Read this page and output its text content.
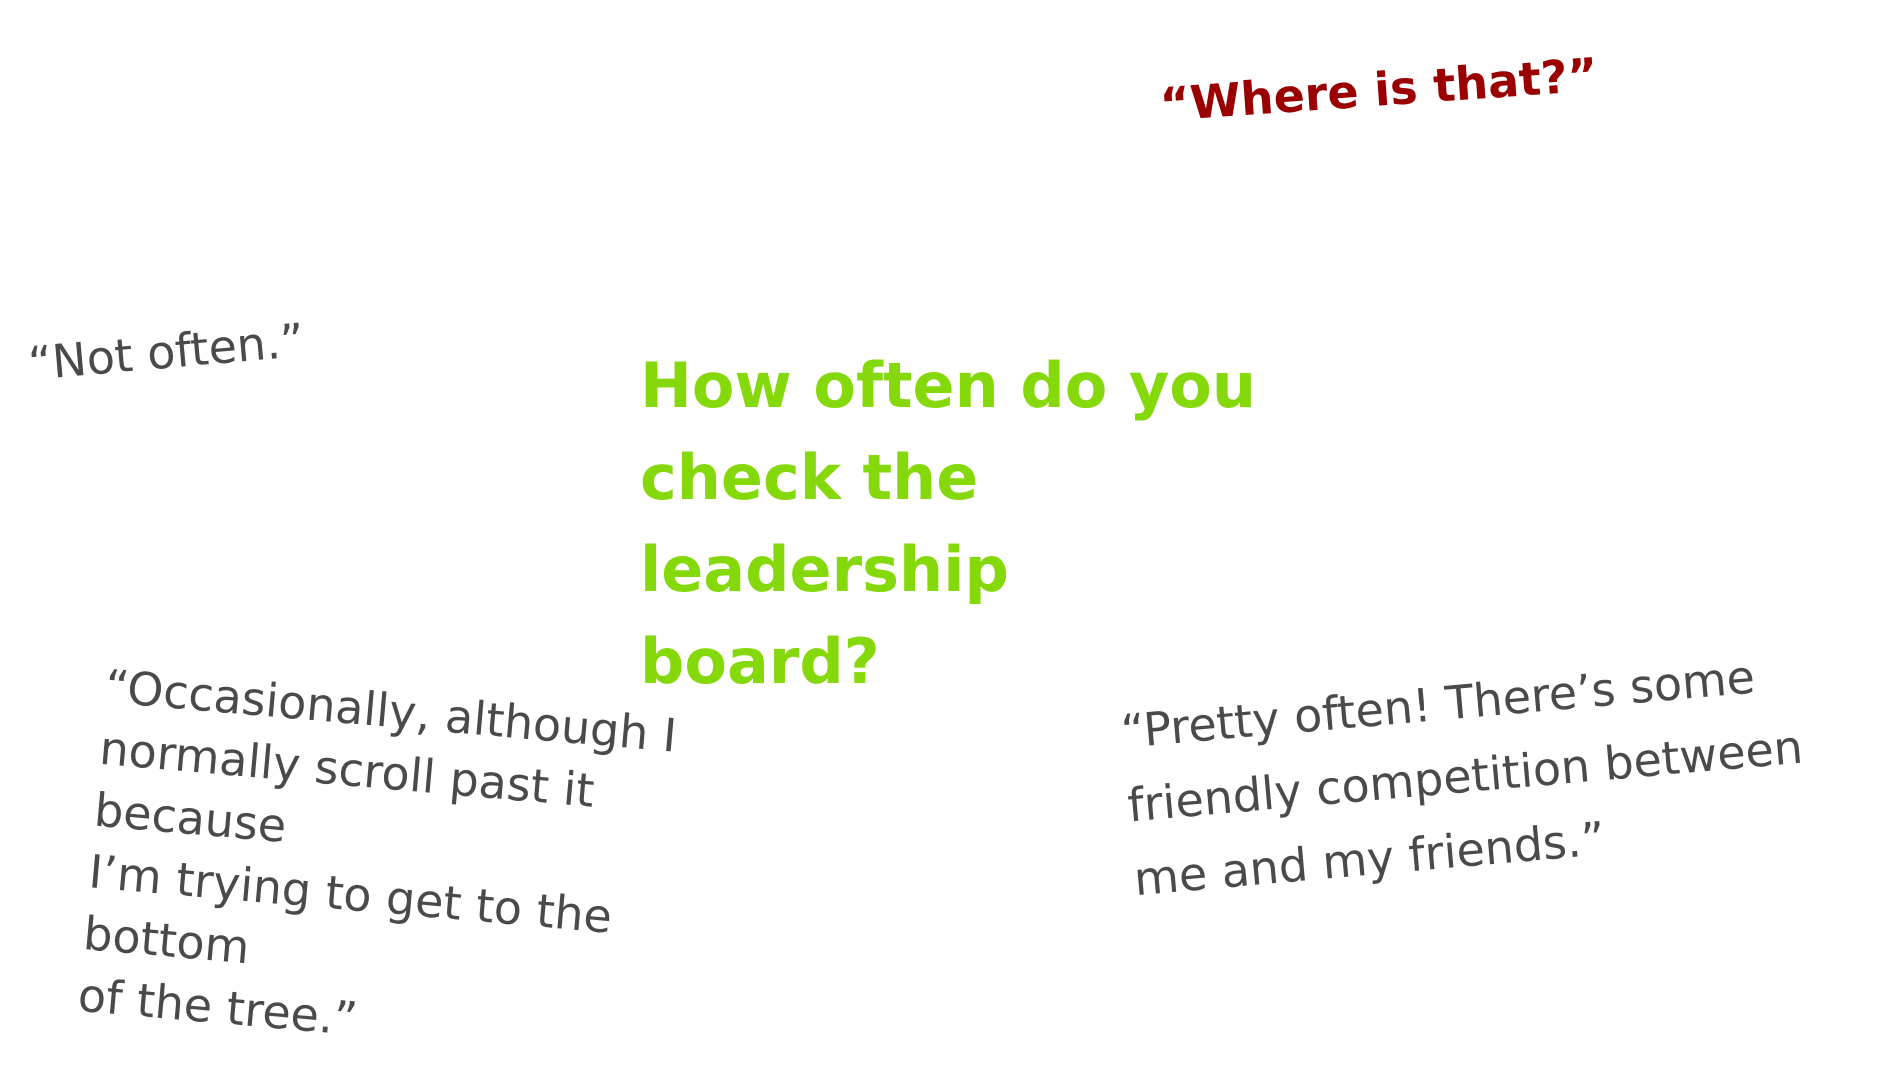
“Where is that?”
“Not often.”	How often do you
check the leadership
board?
“Occasionally, although I
normally scroll past it because
I’m trying to get to the bottom
of the tree.”
“Pretty often! There’s some
friendly competition between
me and my friends.”
